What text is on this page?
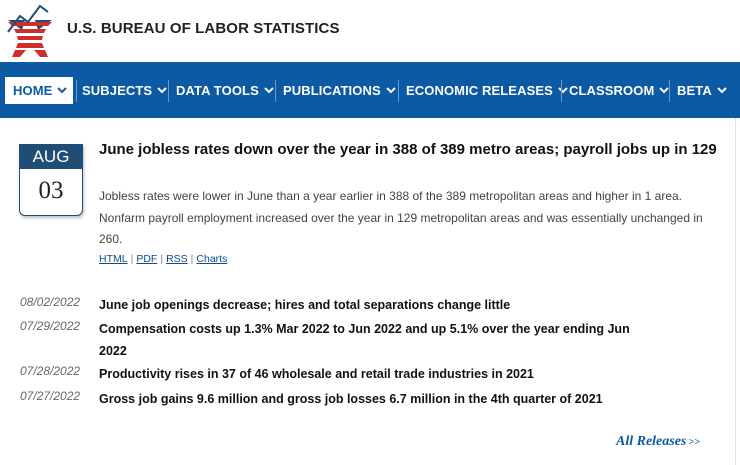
U.S. BUREAU OF LABOR STATISTICS
HOME SUBJECTS DATA TOOLS PUBLICATIONS ECONOMIC RELEASES CLASSROOM BETA
AUG
03
June jobless rates down over the year in 388 of 389 metro areas; payroll jobs up in 129
Jobless rates were lower in June than a year earlier in 388 of the 389 metropolitan areas and higher in 1 area. Nonfarm payroll employment increased over the year in 129 metropolitan areas and was essentially unchanged in 260.
HTML | PDF | RSS | Charts
08/02/2022 June job openings decrease; hires and total separations change little
07/29/2022 Compensation costs up 1.3% Mar 2022 to Jun 2022 and up 5.1% over the year ending Jun 2022
07/28/2022 Productivity rises in 37 of 46 wholesale and retail trade industries in 2021
07/27/2022 Gross job gains 9.6 million and gross job losses 6.7 million in the 4th quarter of 2021
All Releases >>
